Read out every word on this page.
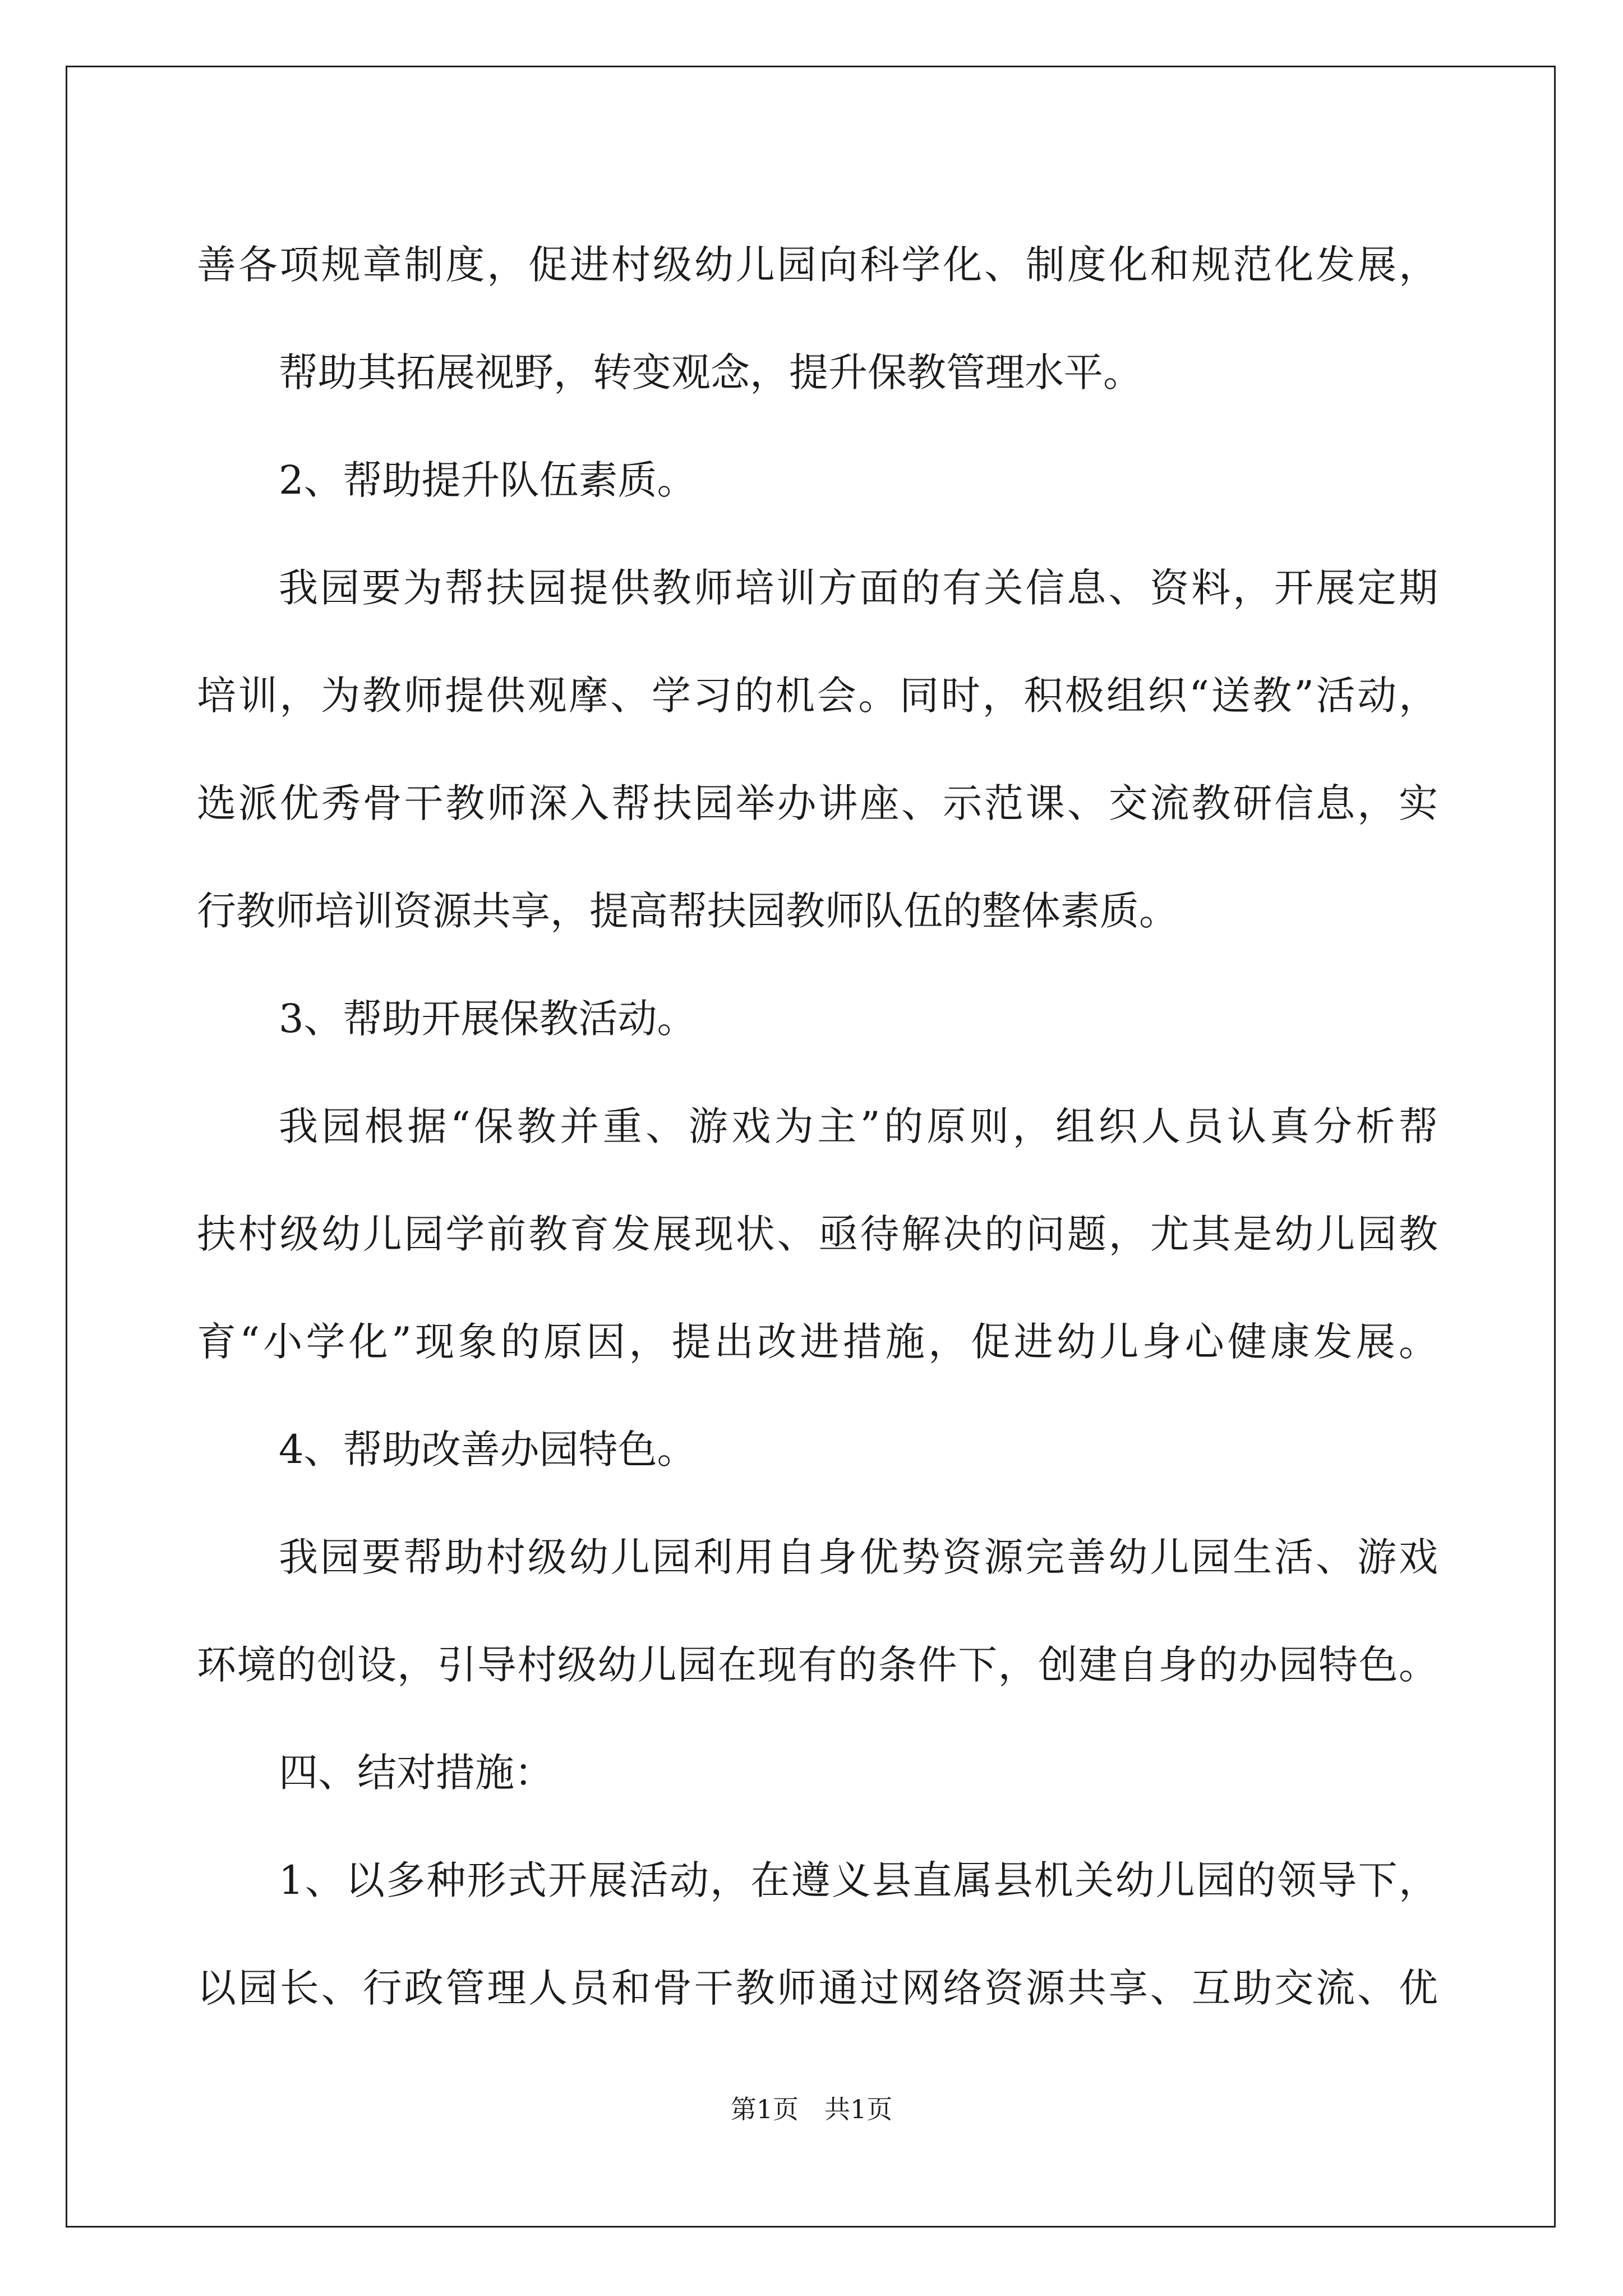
善各项规章制度，促进村级幼儿园向科学化、制度化和规范化发展，
帮助其拓展视野，转变观念，提升保教管理水平。
2、帮助提升队伍素质。
我园要为帮扶园提供教师培训方面的有关信息、资料，开展定期
培训，为教师提供观摩、学习的机会。同时，积极组织“送教”活动，
选派优秀骨干教师深入帮扶园举办讲座、示范课、交流教研信息，实
行教师培训资源共享，提高帮扶园教师队伍的整体素质。
3、帮助开展保教活动。
我园根据“保教并重、游戏为主”的原则，组织人员认真分析帮
扶村级幼儿园学前教育发展现状、亟待解决的问题，尤其是幼儿园教
育“小学化”现象的原因，提出改进措施，促进幼儿身心健康发展。
4、帮助改善办园特色。
我园要帮助村级幼儿园利用自身优势资源完善幼儿园生活、游戏
环境的创设，引导村级幼儿园在现有的条件下，创建自身的办园特色。
四、结对措施：
1、以多种形式开展活动，在遵义县直属县机关幼儿园的领导下，
以园长、行政管理人员和骨干教师通过网络资源共享、互助交流、优
第1页　共1页
